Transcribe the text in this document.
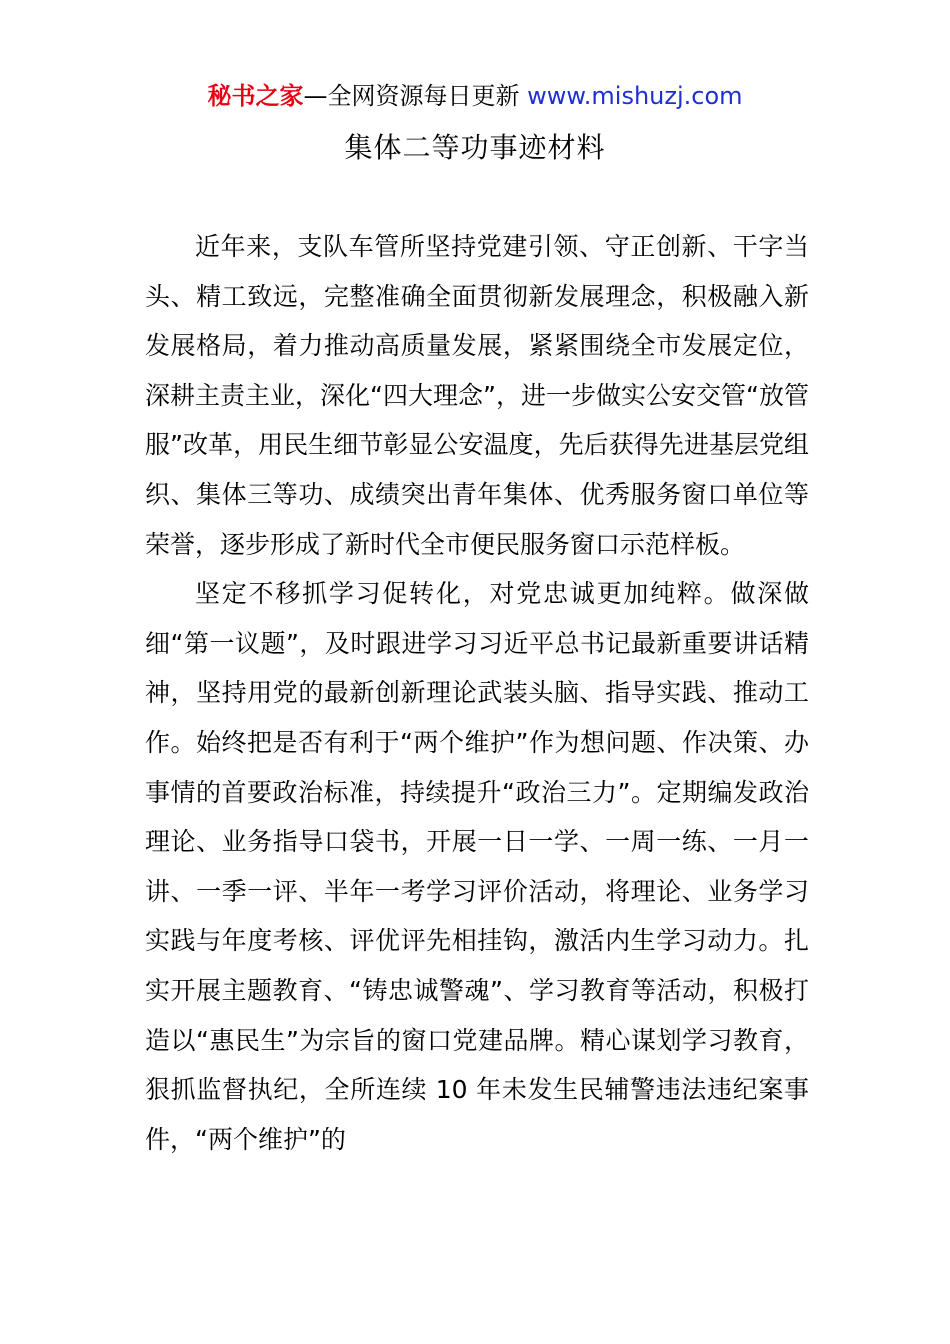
秘书之家—全网资源每日更新 www.mishuzj.com
集体二等功事迹材料

近年来，支队车管所坚持党建引领、守正创新、干字当头、精工致远，完整准确全面贯彻新发展理念，积极融入新发展格局，着力推动高质量发展，紧紧围绕全市发展定位，深耕主责主业，深化“四大理念”，进一步做实公安交管“放管服”改革，用民生细节彰显公安温度，先后获得先进基层党组织、集体三等功、成绩突出青年集体、优秀服务窗口单位等荣誉，逐步形成了新时代全市便民服务窗口示范样板。

坚定不移抓学习促转化，对党忠诚更加纯粹。做深做细“第一议题”，及时跟进学习习近平总书记最新重要讲话精神，坚持用党的最新创新理论武装头脑、指导实践、推动工作。始终把是否有利于“两个维护”作为想问题、作决策、办事情的首要政治标准，持续提升“政治三力”。定期编发政治理论、业务指导口袋书，开展一日一学、一周一练、一月一讲、一季一评、半年一考学习评价活动，将理论、业务学习实践与年度考核、评优评先相挂钩，激活内生学习动力。扎实开展主题教育、“铸忠诚警魂”、学习教育等活动，积极打造以“惠民生”为宗旨的窗口党建品牌。精心谋划学习教育，狠抓监督执纪，全所连续 10 年未发生民辅警违法违纪案事件，“两个维护”的
